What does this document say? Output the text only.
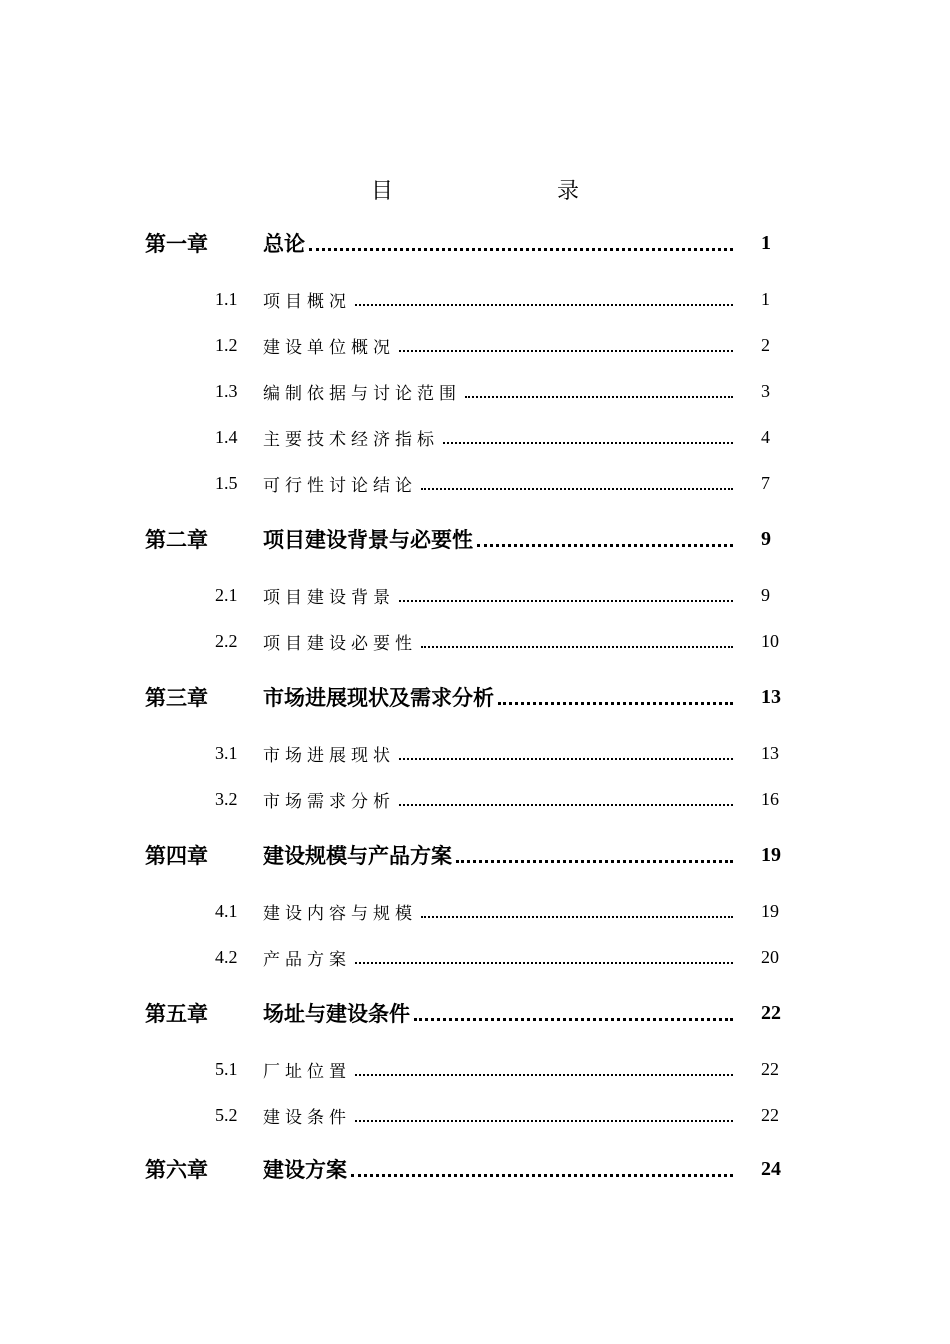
目　　录
第一章	总论	1
1.1	项目概况	1
1.2	建设单位概况	2
1.3	编制依据与讨论范围	3
1.4	主要技术经济指标	4
1.5	可行性讨论结论	7
第二章	项目建设背景与必要性	9
2.1	项目建设背景	9
2.2	项目建设必要性	10
第三章	市场进展现状及需求分析	13
3.1	市场进展现状	13
3.2	市场需求分析	16
第四章	建设规模与产品方案	19
4.1	建设内容与规模	19
4.2	产品方案	20
第五章	场址与建设条件	22
5.1	厂址位置	22
5.2	建设条件	22
第六章	建设方案	24
